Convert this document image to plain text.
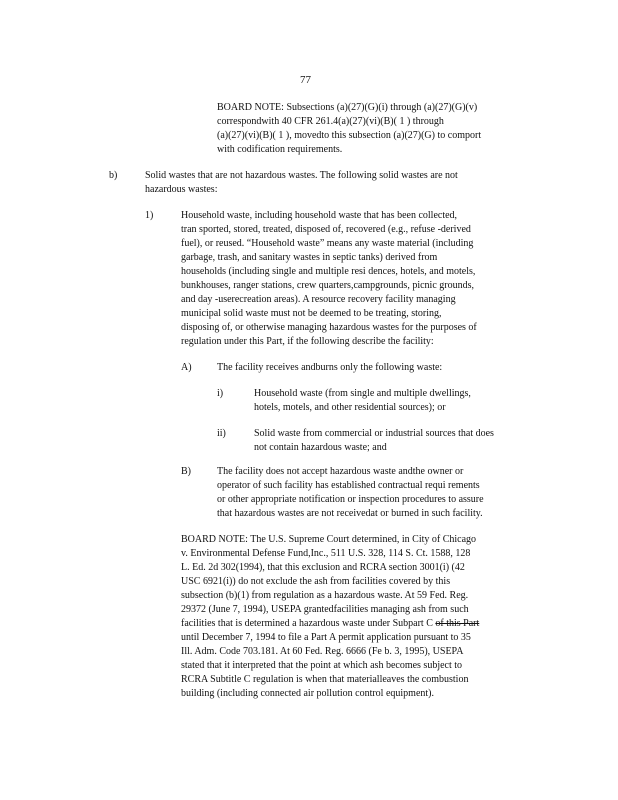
77
BOARD NOTE: Subsections (a)(27)(G)(i) through (a)(27)(G)(v)
correspondwith 40 CFR 261.4(a)(27)(vi)(B)( 1 ) through
(a)(27)(vi)(B)( 1 ), movedto this subsection (a)(27)(G) to comport
with codification requirements.
b)	Solid wastes that are not hazardous wastes. The following solid wastes are not
hazardous wastes:
1)	Household waste, including household waste that has been collected,
tran sported, stored, treated, disposed of, recovered (e.g., refuse -derived
fuel), or reused. “Household waste” means any waste material (including
garbage, trash, and sanitary wastes in septic tanks) derived from
households (including single and multiple resi dences, hotels, and motels,
bunkhouses, ranger stations, crew quarters,campgrounds, picnic grounds,
and day -userecreation areas). A resource recovery facility managing
municipal solid waste must not be deemed to be treating, storing,
disposing of, or otherwise managing hazardous wastes for the purposes of
regulation under this Part, if the following describe the facility:
A)	The facility receives andburns only the following waste:
i)	Household waste (from single and multiple dwellings,
hotels, motels, and other residential sources); or
ii)	Solid waste from commercial or industrial sources that does
not contain hazardous waste; and
B)	The facility does not accept hazardous waste andthe owner or
operator of such facility has established contractual requi rements
or other appropriate notification or inspection procedures to assure
that hazardous wastes are not receivedat or burned in such facility.
BOARD NOTE: The U.S. Supreme Court determined, in City of Chicago
v. Environmental Defense Fund,Inc., 511 U.S. 328, 114 S. Ct. 1588, 128
L. Ed. 2d 302(1994), that this exclusion and RCRA section 3001(i) (42
USC 6921(i)) do not exclude the ash from facilities covered by this
subsection (b)(1) from regulation as a hazardous waste. At 59 Fed. Reg.
29372 (June 7, 1994), USEPA grantedfacilities managing ash from such
facilities that is determined a hazardous waste under Subpart C of this Part
until December 7, 1994 to file a Part A permit application pursuant to 35
Ill. Adm. Code 703.181. At 60 Fed. Reg. 6666 (Fe b. 3, 1995), USEPA
stated that it interpreted that the point at which ash becomes subject to
RCRA Subtitle C regulation is when that materialleaves the combustion
building (including connected air pollution control equipment).
